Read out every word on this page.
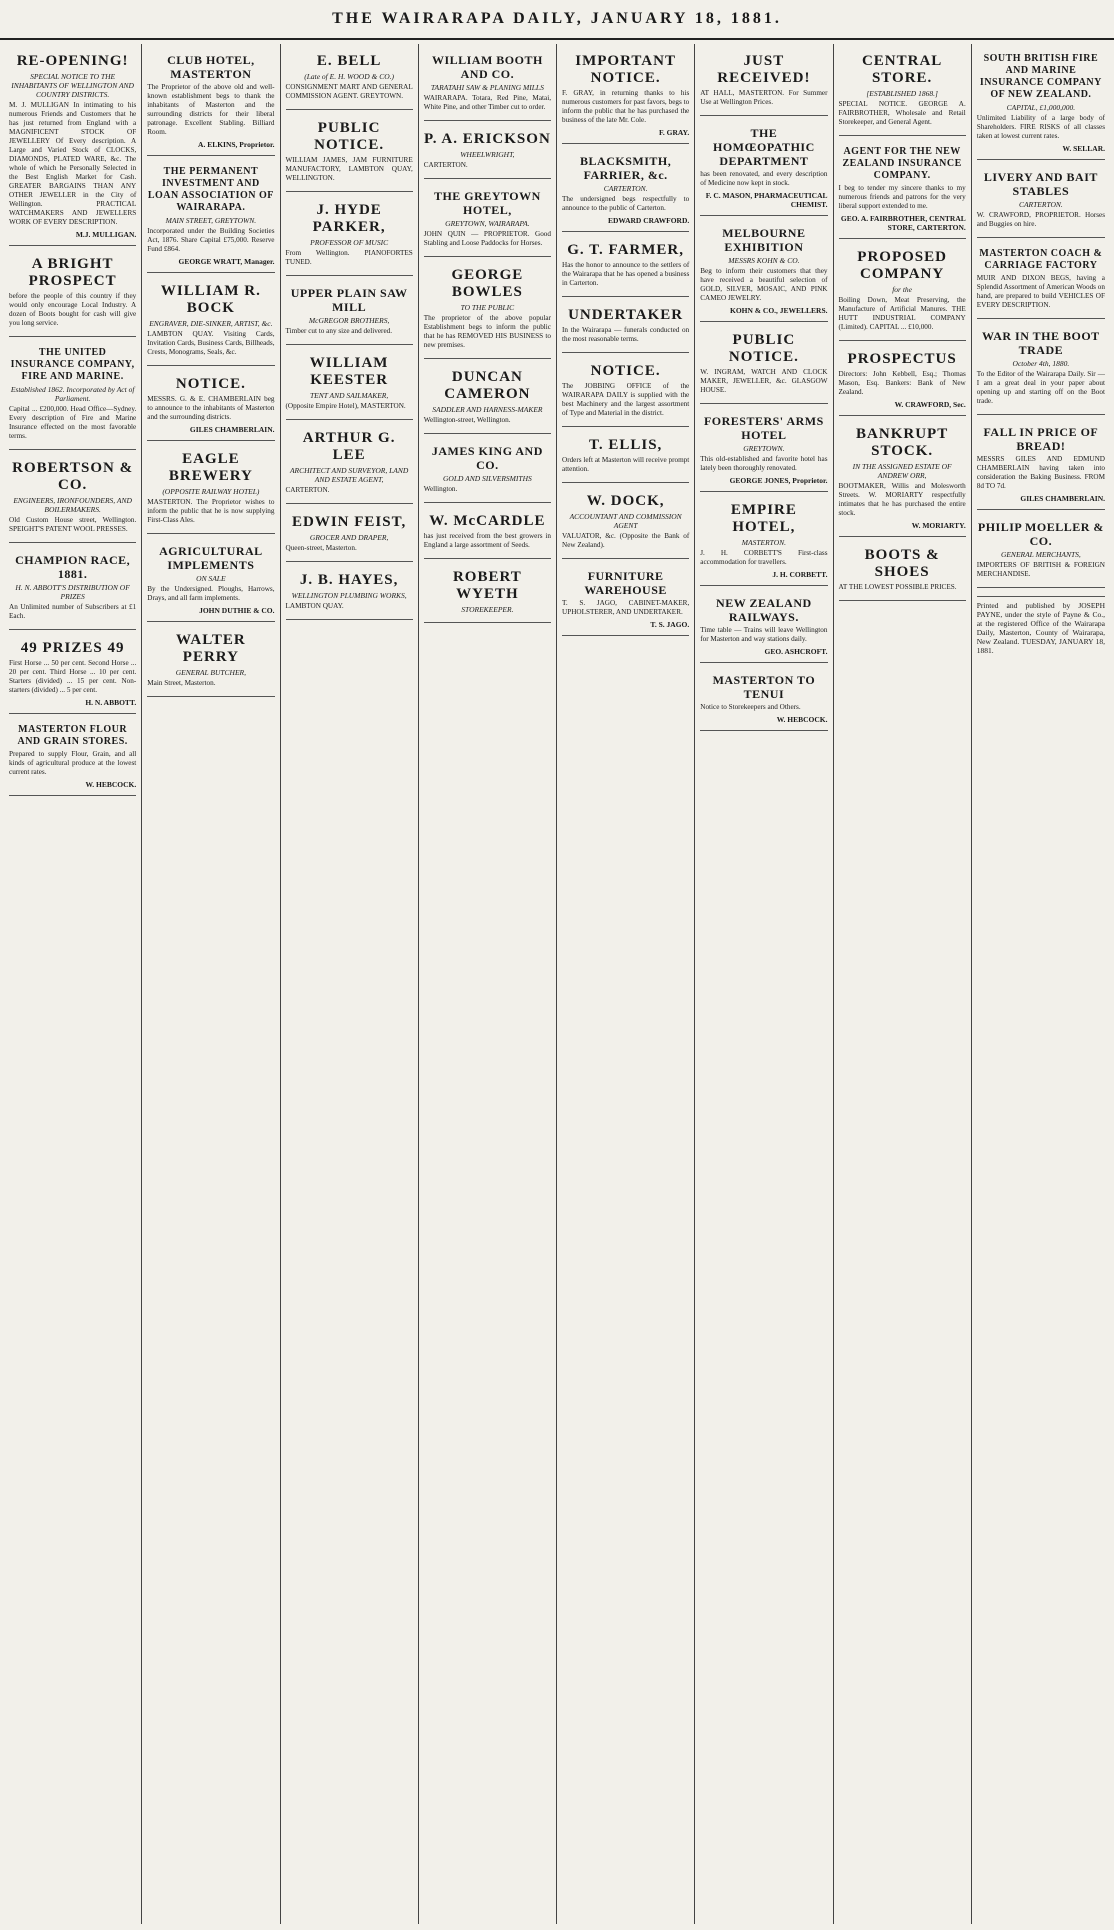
THE WAIRARAPA DAILY, JANUARY 18, 1881.
RE-OPENING!
SPECIAL NOTICE TO THE INHABITANTS OF WELLINGTON AND COUNTRY DISTRICTS.
M. J. MULLIGAN In intimating to his numerous Friends and Customers that he has just returned from England with a MAGNIFICENT STOCK OF JEWELLERY Of Every description. A Large and Varied Stock of CLOCKS, DIAMONDS, PLATED WARE, &c. The whole of which he Personally Selected in the Best English Market for Cash. GREATER BARGAINS THAN ANY OTHER JEWELLER in the City of Wellington. PRACTICAL WATCHMAKERS AND JEWELLERS WORK OF EVERY DESCRIPTION.
M.J. MULLIGAN.
A BRIGHT PROSPECT
before the people of this country if they would only encourage Local Industry. A dozen of Boots bought for cash will give you long service.
THE UNITED INSURANCE COMPANY, FIRE AND MARINE.
Established 1862. Incorporated by Act of Parliament.
Capital ... £200,000. Head Office—Sydney. Every description of Fire and Marine Insurance effected on the most favorable terms.
ROBERTSON & CO.
ENGINEERS, IRONFOUNDERS, AND BOILERMAKERS.
Old Custom House street, Wellington. SPEIGHT'S PATENT WOOL PRESSES.
CHAMPION RACE, 1881.
H. N. ABBOTT'S DISTRIBUTION OF PRIZES
An Unlimited number of Subscribers at £1 Each.
49 PRIZES 49
First Horse ... 50 per cent. Second Horse ... 20 per cent. Third Horse ... 10 per cent. Starters (divided) ... 15 per cent. Non-starters (divided) ... 5 per cent.
H. N. ABBOTT.
MASTERTON FLOUR AND GRAIN STORES.
Prepared to supply Flour, Grain, and all kinds of agricultural produce at the lowest current rates.
W. HEBCOCK.
CLUB HOTEL, MASTERTON
The Proprietor of the above old and well-known establishment begs to thank the inhabitants of Masterton and the surrounding districts for their liberal patronage. Excellent Stabling. Billiard Room.
A. ELKINS, Proprietor.
THE PERMANENT INVESTMENT AND LOAN ASSOCIATION OF WAIRARAPA.
MAIN STREET, GREYTOWN.
Incorporated under the Building Societies Act, 1876. Share Capital £75,000. Reserve Fund £864.
GEORGE WRATT, Manager.
WILLIAM R. BOCK
ENGRAVER, DIE-SINKER, ARTIST, &c.
LAMBTON QUAY. Visiting Cards, Invitation Cards, Business Cards, Billheads, Crests, Monograms, Seals, &c.
NOTICE.
MESSRS. G. & E. CHAMBERLAIN beg to announce to the inhabitants of Masterton and the surrounding districts.
GILES CHAMBERLAIN.
EAGLE BREWERY
(OPPOSITE RAILWAY HOTEL)
MASTERTON. The Proprietor wishes to inform the public that he is now supplying First-Class Ales.
AGRICULTURAL IMPLEMENTS
ON SALE
By the Undersigned. Ploughs, Harrows, Drays, and all farm implements.
JOHN DUTHIE & CO.
WALTER PERRY
GENERAL BUTCHER,
Main Street, Masterton.
E. BELL
(Late of E. H. WOOD & CO.)
CONSIGNMENT MART AND GENERAL COMMISSION AGENT. GREYTOWN.
PUBLIC NOTICE.
WILLIAM JAMES, JAM FURNITURE MANUFACTORY, LAMBTON QUAY, WELLINGTON.
J. HYDE PARKER,
PROFESSOR OF MUSIC
From Wellington. PIANOFORTES TUNED.
UPPER PLAIN SAW MILL
McGREGOR BROTHERS,
Timber cut to any size and delivered.
WILLIAM KEESTER
TENT AND SAILMAKER,
(Opposite Empire Hotel), MASTERTON.
ARTHUR G. LEE
ARCHITECT AND SURVEYOR, LAND AND ESTATE AGENT,
CARTERTON.
EDWIN FEIST,
GROCER AND DRAPER,
Queen-street, Masterton.
J. B. HAYES,
WELLINGTON PLUMBING WORKS,
LAMBTON QUAY.
WILLIAM BOOTH AND CO.
TARATAHI SAW & PLANING MILLS
WAIRARAPA. Totara, Red Pine, Matai, White Pine, and other Timber cut to order.
P. A. ERICKSON
WHEELWRIGHT,
CARTERTON.
THE GREYTOWN HOTEL,
GREYTOWN, WAIRARAPA.
JOHN QUIN — PROPRIETOR. Good Stabling and Loose Paddocks for Horses.
GEORGE BOWLES
TO THE PUBLIC
The proprietor of the above popular Establishment begs to inform the public that he has REMOVED HIS BUSINESS to new premises.
DUNCAN CAMERON
SADDLER AND HARNESS-MAKER
Wellington-street, Wellington.
JAMES KING AND CO.
GOLD AND SILVERSMITHS
Wellington.
W. McCARDLE
has just received from the best growers in England a large assortment of Seeds.
ROBERT WYETH
STOREKEEPER.
IMPORTANT NOTICE.
F. GRAY, in returning thanks to his numerous customers for past favors, begs to inform the public that he has purchased the business of the late Mr. Cole.
F. GRAY.
BLACKSMITH, FARRIER, &c.
CARTERTON.
The undersigned begs respectfully to announce to the public of Carterton.
EDWARD CRAWFORD.
G. T. FARMER,
Has the honor to announce to the settlers of the Wairarapa that he has opened a business in Carterton.
UNDERTAKER
In the Wairarapa — funerals conducted on the most reasonable terms.
NOTICE.
The JOBBING OFFICE of the WAIRARAPA DAILY is supplied with the best Machinery and the largest assortment of Type and Material in the district.
T. ELLIS,
Orders left at Masterton will receive prompt attention.
W. DOCK,
ACCOUNTANT AND COMMISSION AGENT
VALUATOR, &c. (Opposite the Bank of New Zealand).
FURNITURE WAREHOUSE
T. S. JAGO, CABINET-MAKER, UPHOLSTERER, AND UNDERTAKER.
T. S. JAGO.
JUST RECEIVED!
AT HALL, MASTERTON. For Summer Use at Wellington Prices.
THE HOMŒOPATHIC DEPARTMENT
has been renovated, and every description of Medicine now kept in stock.
F. C. MASON, PHARMACEUTICAL CHEMIST.
MELBOURNE EXHIBITION
MESSRS KOHN & CO.
Beg to inform their customers that they have received a beautiful selection of GOLD, SILVER, MOSAIC, AND PINK CAMEO JEWELRY.
KOHN & CO., JEWELLERS.
PUBLIC NOTICE.
W. INGRAM, WATCH AND CLOCK MAKER, JEWELLER, &c. GLASGOW HOUSE.
FORESTERS' ARMS HOTEL
GREYTOWN.
This old-established and favorite hotel has lately been thoroughly renovated.
GEORGE JONES, Proprietor.
EMPIRE HOTEL,
MASTERTON.
J. H. CORBETT'S First-class accommodation for travellers.
J. H. CORBETT.
NEW ZEALAND RAILWAYS.
Time table — Trains will leave Wellington for Masterton and way stations daily.
GEO. ASHCROFT.
MASTERTON TO TENUI
Notice to Storekeepers and Others.
W. HEBCOCK.
CENTRAL STORE.
[ESTABLISHED 1868.]
SPECIAL NOTICE. GEORGE A. FAIRBROTHER, Wholesale and Retail Storekeeper, and General Agent.
AGENT FOR THE NEW ZEALAND INSURANCE COMPANY.
I beg to tender my sincere thanks to my numerous friends and patrons for the very liberal support extended to me.
GEO. A. FAIRBROTHER, CENTRAL STORE, CARTERTON.
PROPOSED COMPANY
for the
Boiling Down, Meat Preserving, the Manufacture of Artificial Manures. THE HUTT INDUSTRIAL COMPANY (Limited). CAPITAL ... £10,000.
PROSPECTUS
Directors: John Kebbell, Esq.; Thomas Mason, Esq. Bankers: Bank of New Zealand.
W. CRAWFORD, Sec.
BANKRUPT STOCK.
IN THE ASSIGNED ESTATE OF ANDREW ORR,
BOOTMAKER, Willis and Molesworth Streets. W. MORIARTY respectfully intimates that he has purchased the entire stock.
W. MORIARTY.
BOOTS & SHOES
AT THE LOWEST POSSIBLE PRICES.
SOUTH BRITISH FIRE AND MARINE INSURANCE COMPANY OF NEW ZEALAND.
CAPITAL, £1,000,000.
Unlimited Liability of a large body of Shareholders. FIRE RISKS of all classes taken at lowest current rates.
W. SELLAR.
LIVERY AND BAIT STABLES
CARTERTON.
W. CRAWFORD, PROPRIETOR. Horses and Buggies on hire.
MASTERTON COACH & CARRIAGE FACTORY
MUIR AND DIXON BEGS, having a Splendid Assortment of American Woods on hand, are prepared to build VEHICLES OF EVERY DESCRIPTION.
WAR IN THE BOOT TRADE
October 4th, 1880.
To the Editor of the Wairarapa Daily. Sir — I am a great deal in your paper about opening up and starting off on the Boot trade.
FALL IN PRICE OF BREAD!
MESSRS GILES AND EDMUND CHAMBERLAIN having taken into consideration the Baking Business. FROM 8d TO 7d.
GILES CHAMBERLAIN.
PHILIP MOELLER & CO.
GENERAL MERCHANTS,
IMPORTERS OF BRITISH & FOREIGN MERCHANDISE.
Printed and published by JOSEPH PAYNE, under the style of Payne & Co., at the registered Office of the Wairarapa Daily, Masterton, County of Wairarapa, New Zealand. TUESDAY, JANUARY 18, 1881.
